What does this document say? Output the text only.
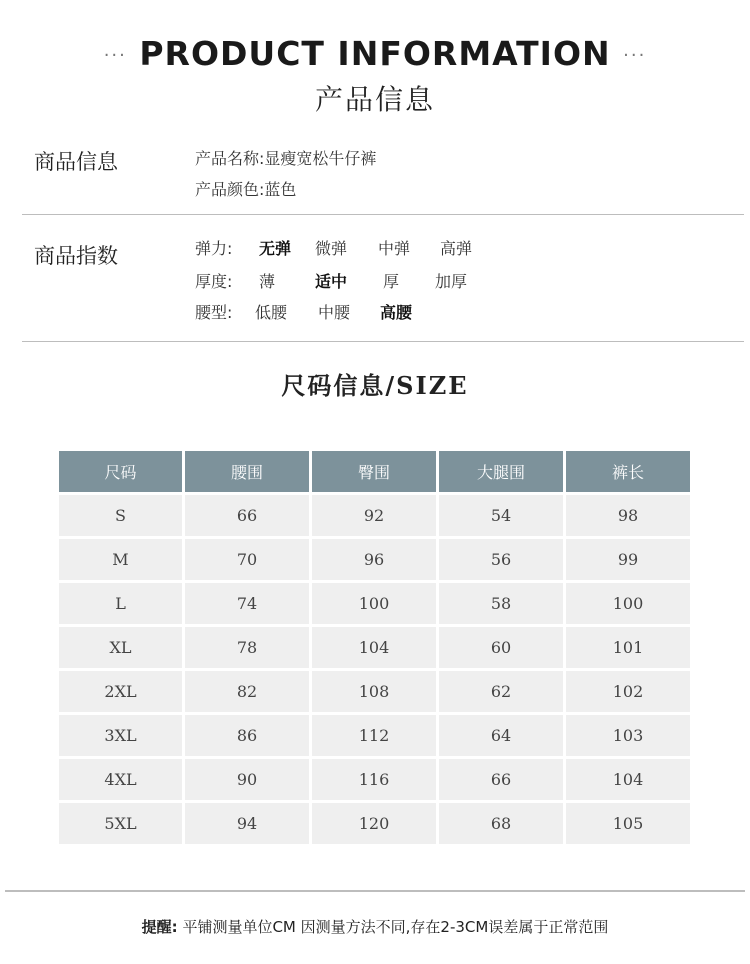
··· PRODUCT INFORMATION ···
产品信息
商品信息	产品名称:显瘦宽松牛仔裤
产品颜色:蓝色
商品指数	弹力: 无弹 微弹 中弹 高弹
厚度: 薄 适中 厚 加厚
腰型: 低腰 中腰 高腰
尺码信息/SIZE
尺码	腰围	臀围	大腿围	裤长
S	66	92	54	98
M	70	96	56	99
L	74	100	58	100
XL	78	104	60	101
2XL	82	108	62	102
3XL	86	112	64	103
4XL	90	116	66	104
5XL	94	120	68	105
提醒: 平铺测量单位CM 因测量方法不同,存在2-3CM误差属于正常范围
